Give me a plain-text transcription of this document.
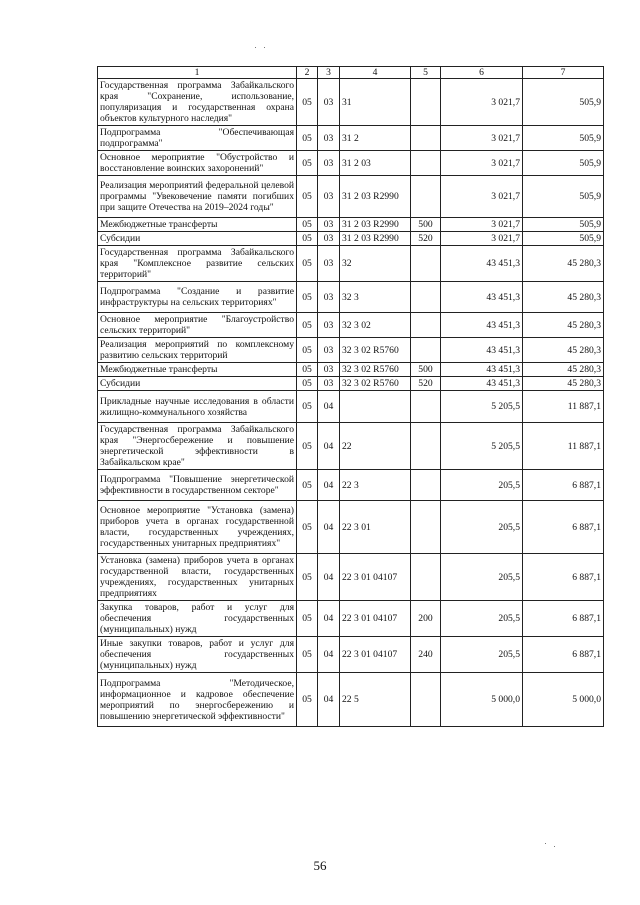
1	2	3	4	5	6	7
Государственная программа Забайкальского края "Сохранение, использование, популяризация и государственная охрана объектов культурного наследия"	05	03	31		3 021,7	505,9
Подпрограмма "Обеспечивающая подпрограмма"	05	03	31 2		3 021,7	505,9
Основное мероприятие "Обустройство и восстановление воинских захоронений"	05	03	31 2 03		3 021,7	505,9
Реализация мероприятий федеральной целевой программы "Увековечение памяти погибших при защите Отечества на 2019–2024 годы"	05	03	31 2 03 R2990		3 021,7	505,9
Межбюджетные трансферты	05	03	31 2 03 R2990	500	3 021,7	505,9
Субсидии	05	03	31 2 03 R2990	520	3 021,7	505,9
Государственная программа Забайкальского края "Комплексное развитие сельских территорий"	05	03	32		43 451,3	45 280,3
Подпрограмма "Создание и развитие инфраструктуры на сельских территориях"	05	03	32 3		43 451,3	45 280,3
Основное мероприятие "Благоустройство сельских территорий"	05	03	32 3 02		43 451,3	45 280,3
Реализация мероприятий по комплексному развитию сельских территорий	05	03	32 3 02 R5760		43 451,3	45 280,3
Межбюджетные трансферты	05	03	32 3 02 R5760	500	43 451,3	45 280,3
Субсидии	05	03	32 3 02 R5760	520	43 451,3	45 280,3
Прикладные научные исследования в области жилищно-коммунального хозяйства	05	04			5 205,5	11 887,1
Государственная программа Забайкальского края "Энергосбережение и повышение энергетической эффективности в Забайкальском крае"	05	04	22		5 205,5	11 887,1
Подпрограмма "Повышение энергетической эффективности в государственном секторе"	05	04	22 3		205,5	6 887,1
Основное мероприятие "Установка (замена) приборов учета в органах государственной власти, государственных учреждениях, государственных унитарных предприятиях"	05	04	22 3 01		205,5	6 887,1
Установка (замена) приборов учета в органах государственной власти, государственных учреждениях, государственных унитарных предприятиях	05	04	22 3 01 04107		205,5	6 887,1
Закупка товаров, работ и услуг для обеспечения государственных (муниципальных) нужд	05	04	22 3 01 04107	200	205,5	6 887,1
Иные закупки товаров, работ и услуг для обеспечения государственных (муниципальных) нужд	05	04	22 3 01 04107	240	205,5	6 887,1
Подпрограмма "Методическое, информационное и кадровое обеспечение мероприятий по энергосбережению и повышению энергетической эффективности"	05	04	22 5		5 000,0	5 000,0
56
